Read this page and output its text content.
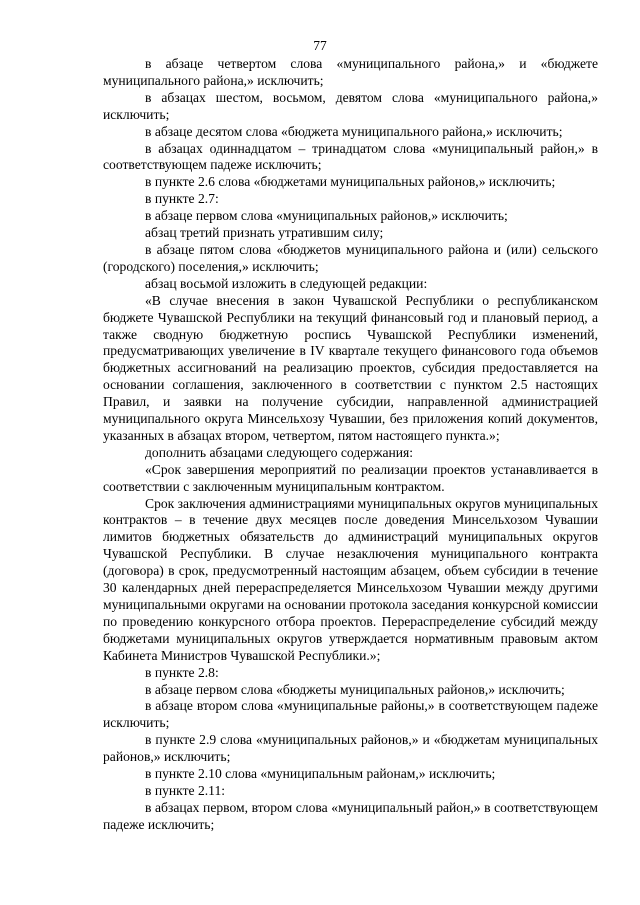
77

в абзаце четвертом слова «муниципального района,» и «бюджете муниципального района,» исключить;

в абзацах шестом, восьмом, девятом слова «муниципального района,» исключить;

в абзаце десятом слова «бюджета муниципального района,» исключить;

в абзацах одиннадцатом – тринадцатом слова «муниципальный район,» в соответствующем падеже исключить;

в пункте 2.6 слова «бюджетами муниципальных районов,» исключить;

в пункте 2.7:

в абзаце первом слова «муниципальных районов,» исключить;

абзац третий признать утратившим силу;

в абзаце пятом слова «бюджетов муниципального района и (или) сельского (городского) поселения,» исключить;

абзац восьмой изложить в следующей редакции:

«В случае внесения в закон Чувашской Республики о республиканском бюджете Чувашской Республики на текущий финансовый год и плановый период, а также сводную бюджетную роспись Чувашской Республики изменений, предусматривающих увеличение в IV квартале текущего финансового года объемов бюджетных ассигнований на реализацию проектов, субсидия предоставляется на основании соглашения, заключенного в соответствии с пунктом 2.5 настоящих Правил, и заявки на получение субсидии, направленной администрацией муниципального округа Минсельхозу Чувашии, без приложения копий документов, указанных в абзацах втором, четвертом, пятом настоящего пункта.»;

дополнить абзацами следующего содержания:

«Срок завершения мероприятий по реализации проектов устанавливается в соответствии с заключенным муниципальным контрактом.

Срок заключения администрациями муниципальных округов муниципальных контрактов – в течение двух месяцев после доведения Минсельхозом Чувашии лимитов бюджетных обязательств до администраций муниципальных округов Чувашской Республики. В случае незаключения муниципального контракта (договора) в срок, предусмотренный настоящим абзацем, объем субсидии в течение 30 календарных дней перераспределяется Минсельхозом Чувашии между другими муниципальными округами на основании протокола заседания конкурсной комиссии по проведению конкурсного отбора проектов. Перераспределение субсидий между бюджетами муниципальных округов утверждается нормативным правовым актом Кабинета Министров Чувашской Республики.»;

в пункте 2.8:

в абзаце первом слова «бюджеты муниципальных районов,» исключить;

в абзаце втором слова «муниципальные районы,» в соответствующем падеже исключить;

в пункте 2.9 слова «муниципальных районов,» и «бюджетам муниципальных районов,» исключить;

в пункте 2.10 слова «муниципальным районам,» исключить;

в пункте 2.11:

в абзацах первом, втором слова «муниципальный район,» в соответствующем падеже исключить;
